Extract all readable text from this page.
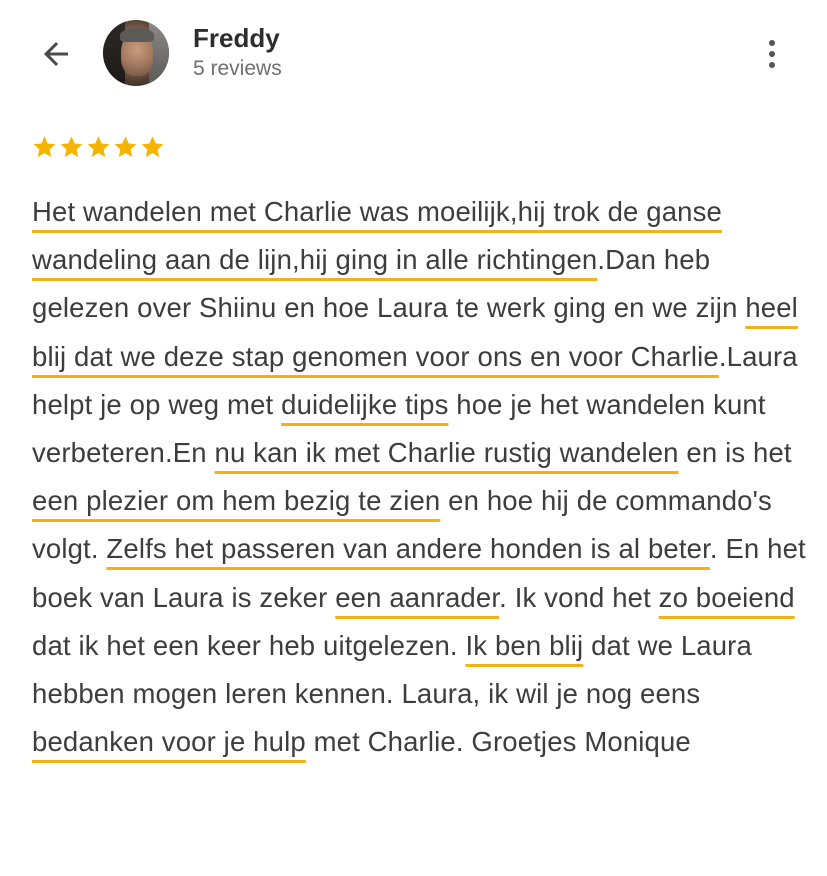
Freddy
5 reviews

Het wandelen met Charlie was moeilijk,hij trok de ganse wandeling aan de lijn,hij ging in alle richtingen.Dan heb gelezen over Shiinu en hoe Laura te werk ging en we zijn heel blij dat we deze stap genomen voor ons en voor Charlie.Laura helpt je op weg met duidelijke tips hoe je het wandelen kunt verbeteren.En nu kan ik met Charlie rustig wandelen en is het een plezier om hem bezig te zien en hoe hij de commando's volgt. Zelfs het passeren van andere honden is al beter. En het boek van Laura is zeker een aanrader. Ik vond het zo boeiend dat ik het een keer heb uitgelezen. Ik ben blij dat we Laura hebben mogen leren kennen. Laura, ik wil je nog eens bedanken voor je hulp met Charlie. Groetjes Monique
